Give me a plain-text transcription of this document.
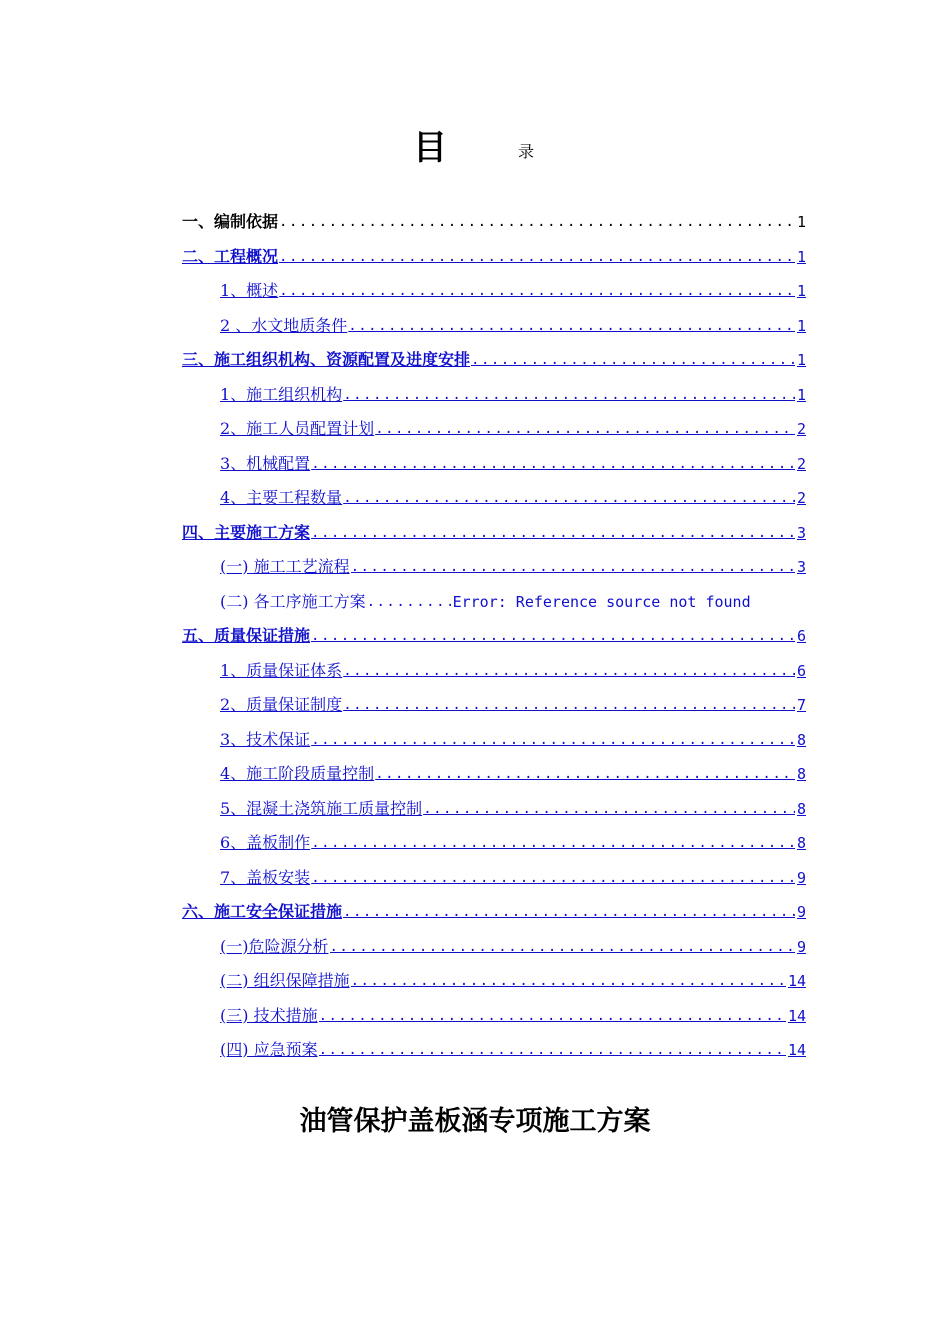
目	录
一、编制依据 .....	1
二、工程概况 .....	1
1、概述 .....	1
2 、水文地质条件 .....	1
三、施工组织机构、资源配置及进度安排 .....	1
1、施工组织机构 .....	1
2、施工人员配置计划 .....	2
3、机械配置 .....	2
4、主要工程数量 .....	2
四、主要施工方案 .....	3
(一) 施工工艺流程 .....	3
(二) 各工序施工方案 .....	Error: Reference source not found
五、质量保证措施 .....	6
1、质量保证体系 .....	6
2、质量保证制度 .....	7
3、技术保证 .....	8
4、施工阶段质量控制 .....	8
5、混凝土浇筑施工质量控制 .....	8
6、盖板制作 .....	8
7、盖板安装 .....	9
六、施工安全保证措施 .....	9
(一)危险源分析 .....	9
(二) 组织保障措施 .....	14
(三) 技术措施 .....	14
(四) 应急预案 .....	14
油管保护盖板涵专项施工方案
